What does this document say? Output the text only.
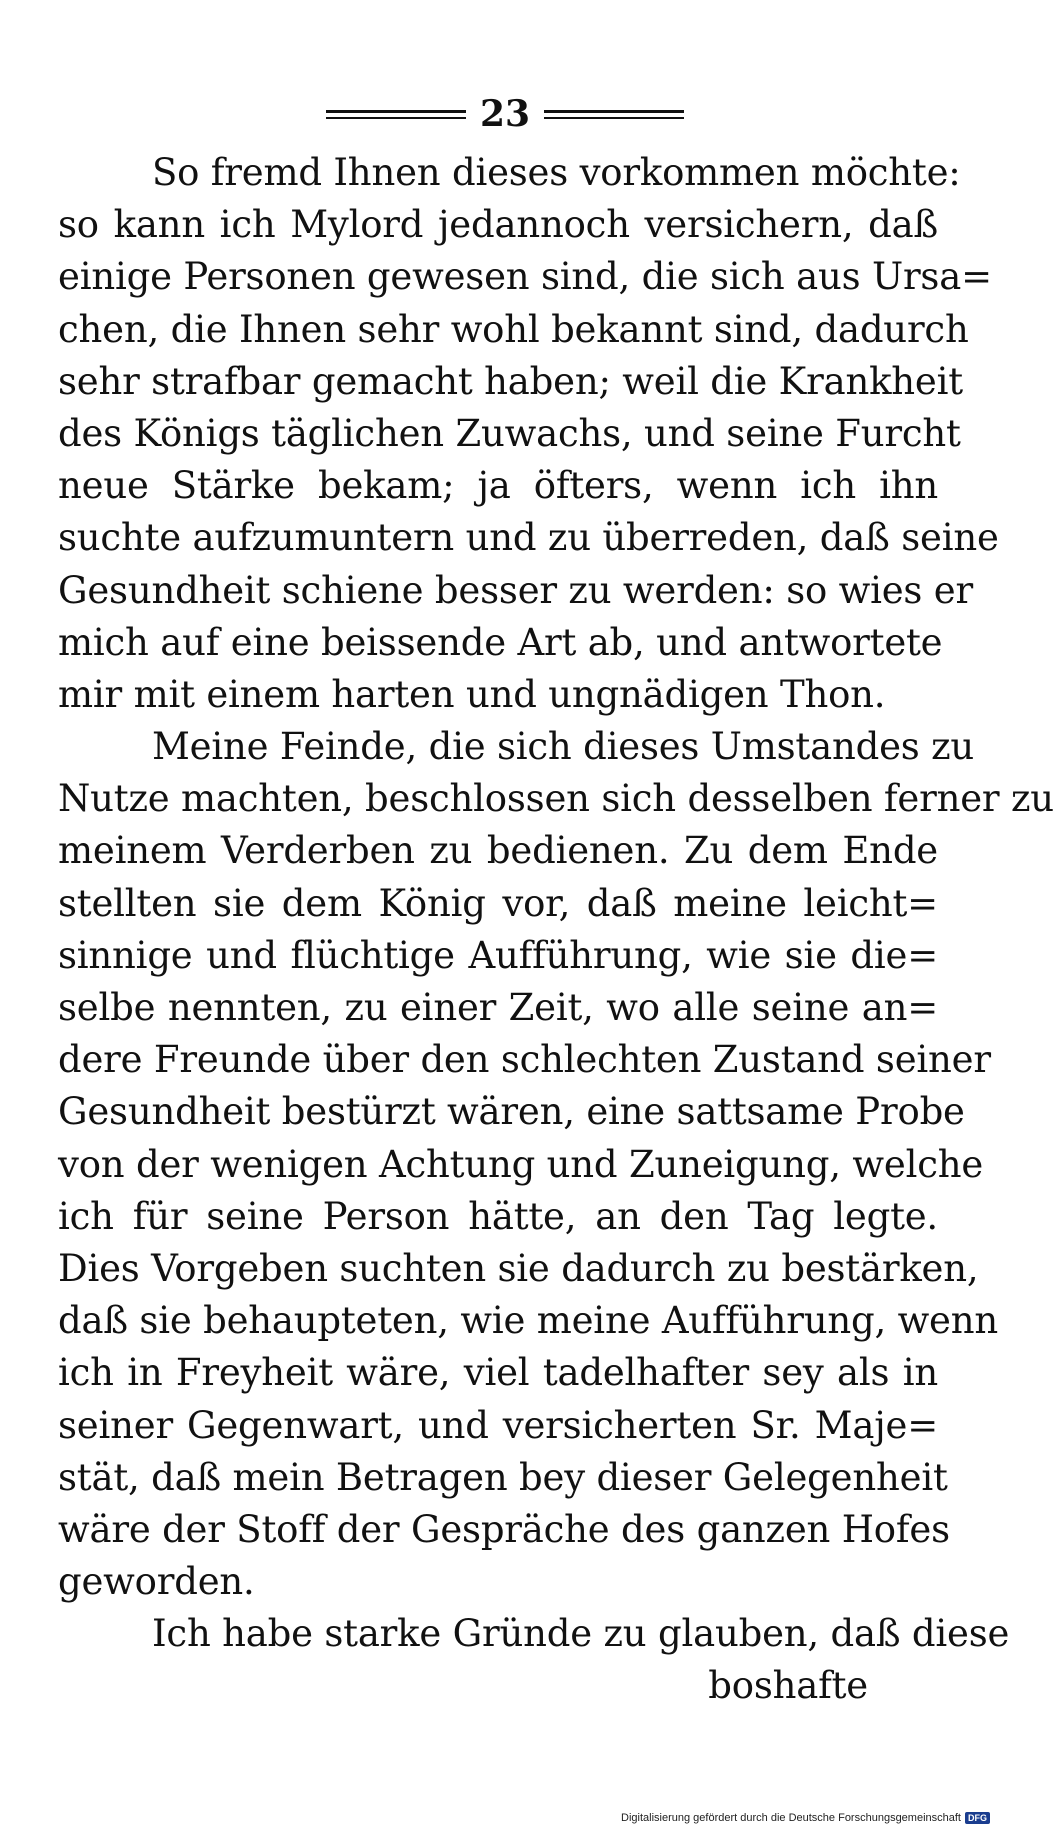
23
So fremd Ihnen dieses vorkommen möchte:
so kann ich Mylord jedannoch versichern, daß
einige Personen gewesen sind, die sich aus Ursa=
chen, die Ihnen sehr wohl bekannt sind, dadurch
sehr strafbar gemacht haben; weil die Krankheit
des Königs täglichen Zuwachs, und seine Furcht
neue Stärke bekam; ja öfters, wenn ich ihn
suchte aufzumuntern und zu überreden, daß seine
Gesundheit schiene besser zu werden: so wies er
mich auf eine beissende Art ab, und antwortete
mir mit einem harten und ungnädigen Thon.
Meine Feinde, die sich dieses Umstandes zu
Nutze machten, beschlossen sich desselben ferner zu
meinem Verderben zu bedienen. Zu dem Ende
stellten sie dem König vor, daß meine leicht=
sinnige und flüchtige Aufführung, wie sie die=
selbe nennten, zu einer Zeit, wo alle seine an=
dere Freunde über den schlechten Zustand seiner
Gesundheit bestürzt wären, eine sattsame Probe
von der wenigen Achtung und Zuneigung, welche
ich für seine Person hätte, an den Tag legte.
Dies Vorgeben suchten sie dadurch zu bestärken,
daß sie behaupteten, wie meine Aufführung, wenn
ich in Freyheit wäre, viel tadelhafter sey als in
seiner Gegenwart, und versicherten Sr. Maje=
stät, daß mein Betragen bey dieser Gelegenheit
wäre der Stoff der Gespräche des ganzen Hofes
geworden.
Ich habe starke Gründe zu glauben, daß diese
boshafte
Digitalisierung gefördert durch die Deutsche Forschungsgemeinschaft DFG
